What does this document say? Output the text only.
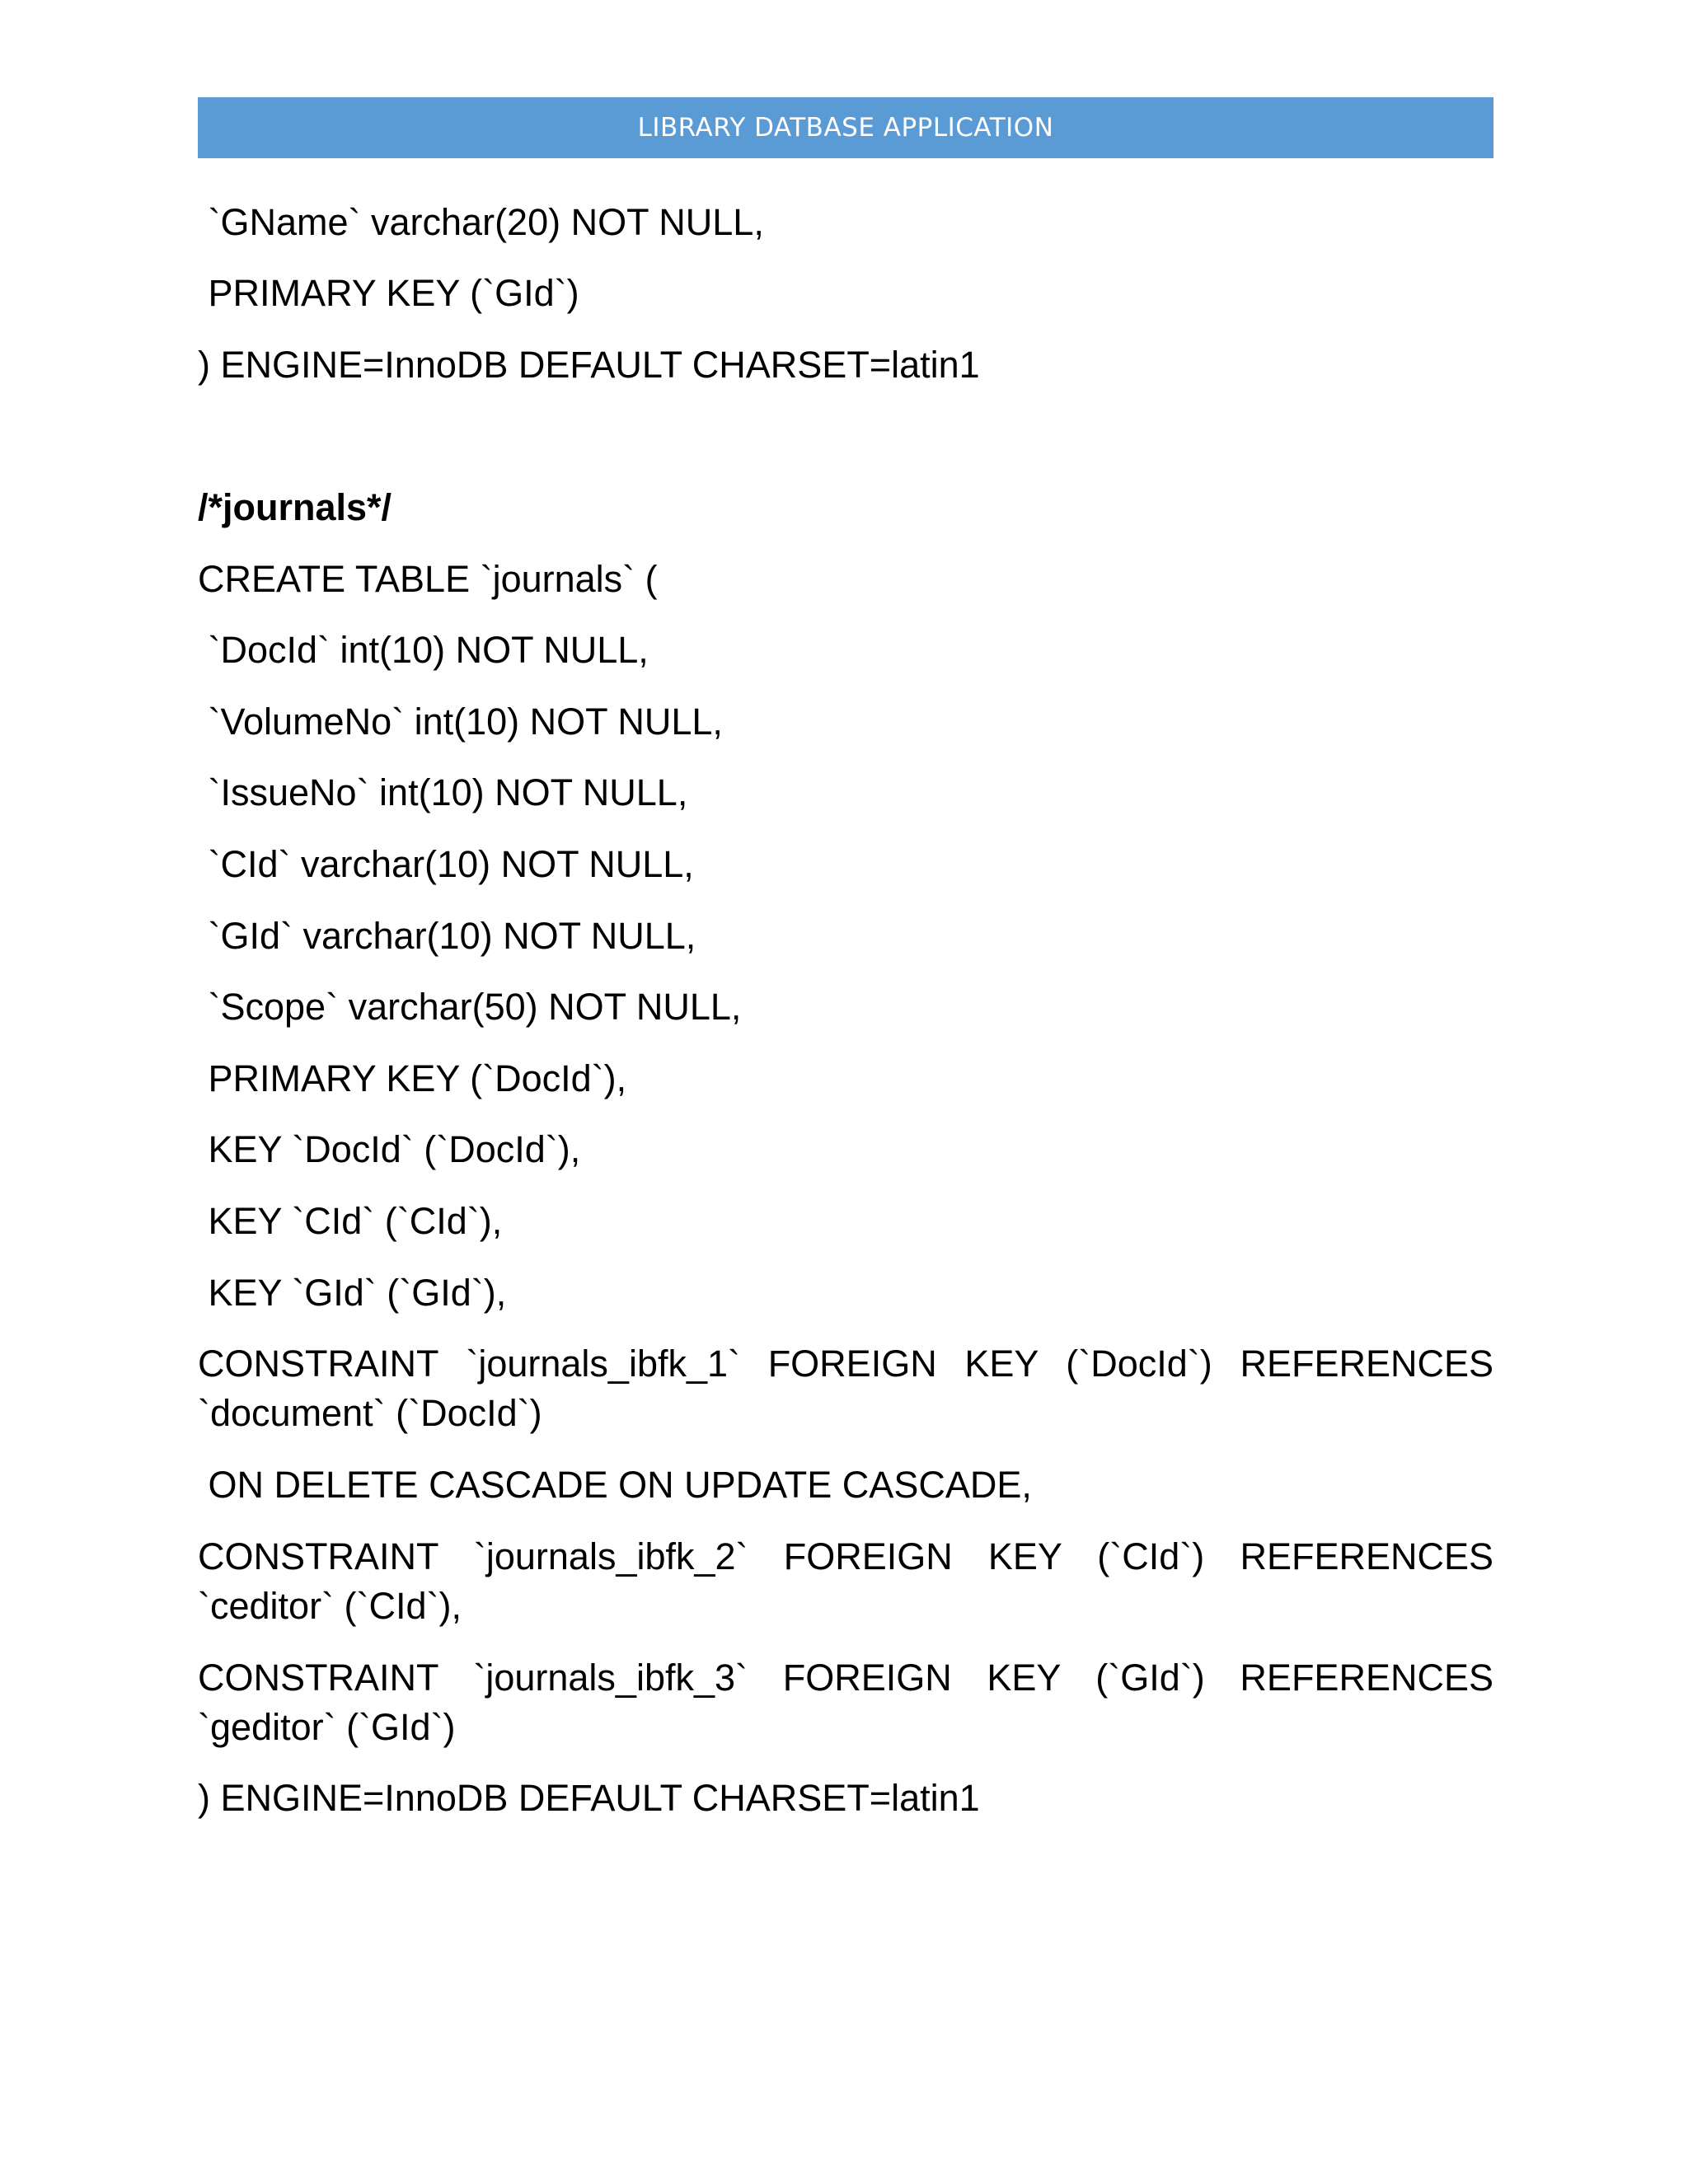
LIBRARY DATBASE APPLICATION
`GName` varchar(20) NOT NULL,
PRIMARY KEY (`GId`)
) ENGINE=InnoDB DEFAULT CHARSET=latin1
/*journals*/
CREATE TABLE `journals` (
`DocId` int(10) NOT NULL,
`VolumeNo` int(10) NOT NULL,
`IssueNo` int(10) NOT NULL,
`CId` varchar(10) NOT NULL,
`GId` varchar(10) NOT NULL,
`Scope` varchar(50) NOT NULL,
PRIMARY KEY (`DocId`),
KEY `DocId` (`DocId`),
KEY `CId` (`CId`),
KEY `GId` (`GId`),
CONSTRAINT `journals_ibfk_1` FOREIGN KEY (`DocId`) REFERENCES
`document` (`DocId`)
ON DELETE CASCADE ON UPDATE CASCADE,
CONSTRAINT `journals_ibfk_2` FOREIGN KEY (`CId`) REFERENCES
`ceditor` (`CId`),
CONSTRAINT `journals_ibfk_3` FOREIGN KEY (`GId`) REFERENCES
`geditor` (`GId`)
) ENGINE=InnoDB DEFAULT CHARSET=latin1
